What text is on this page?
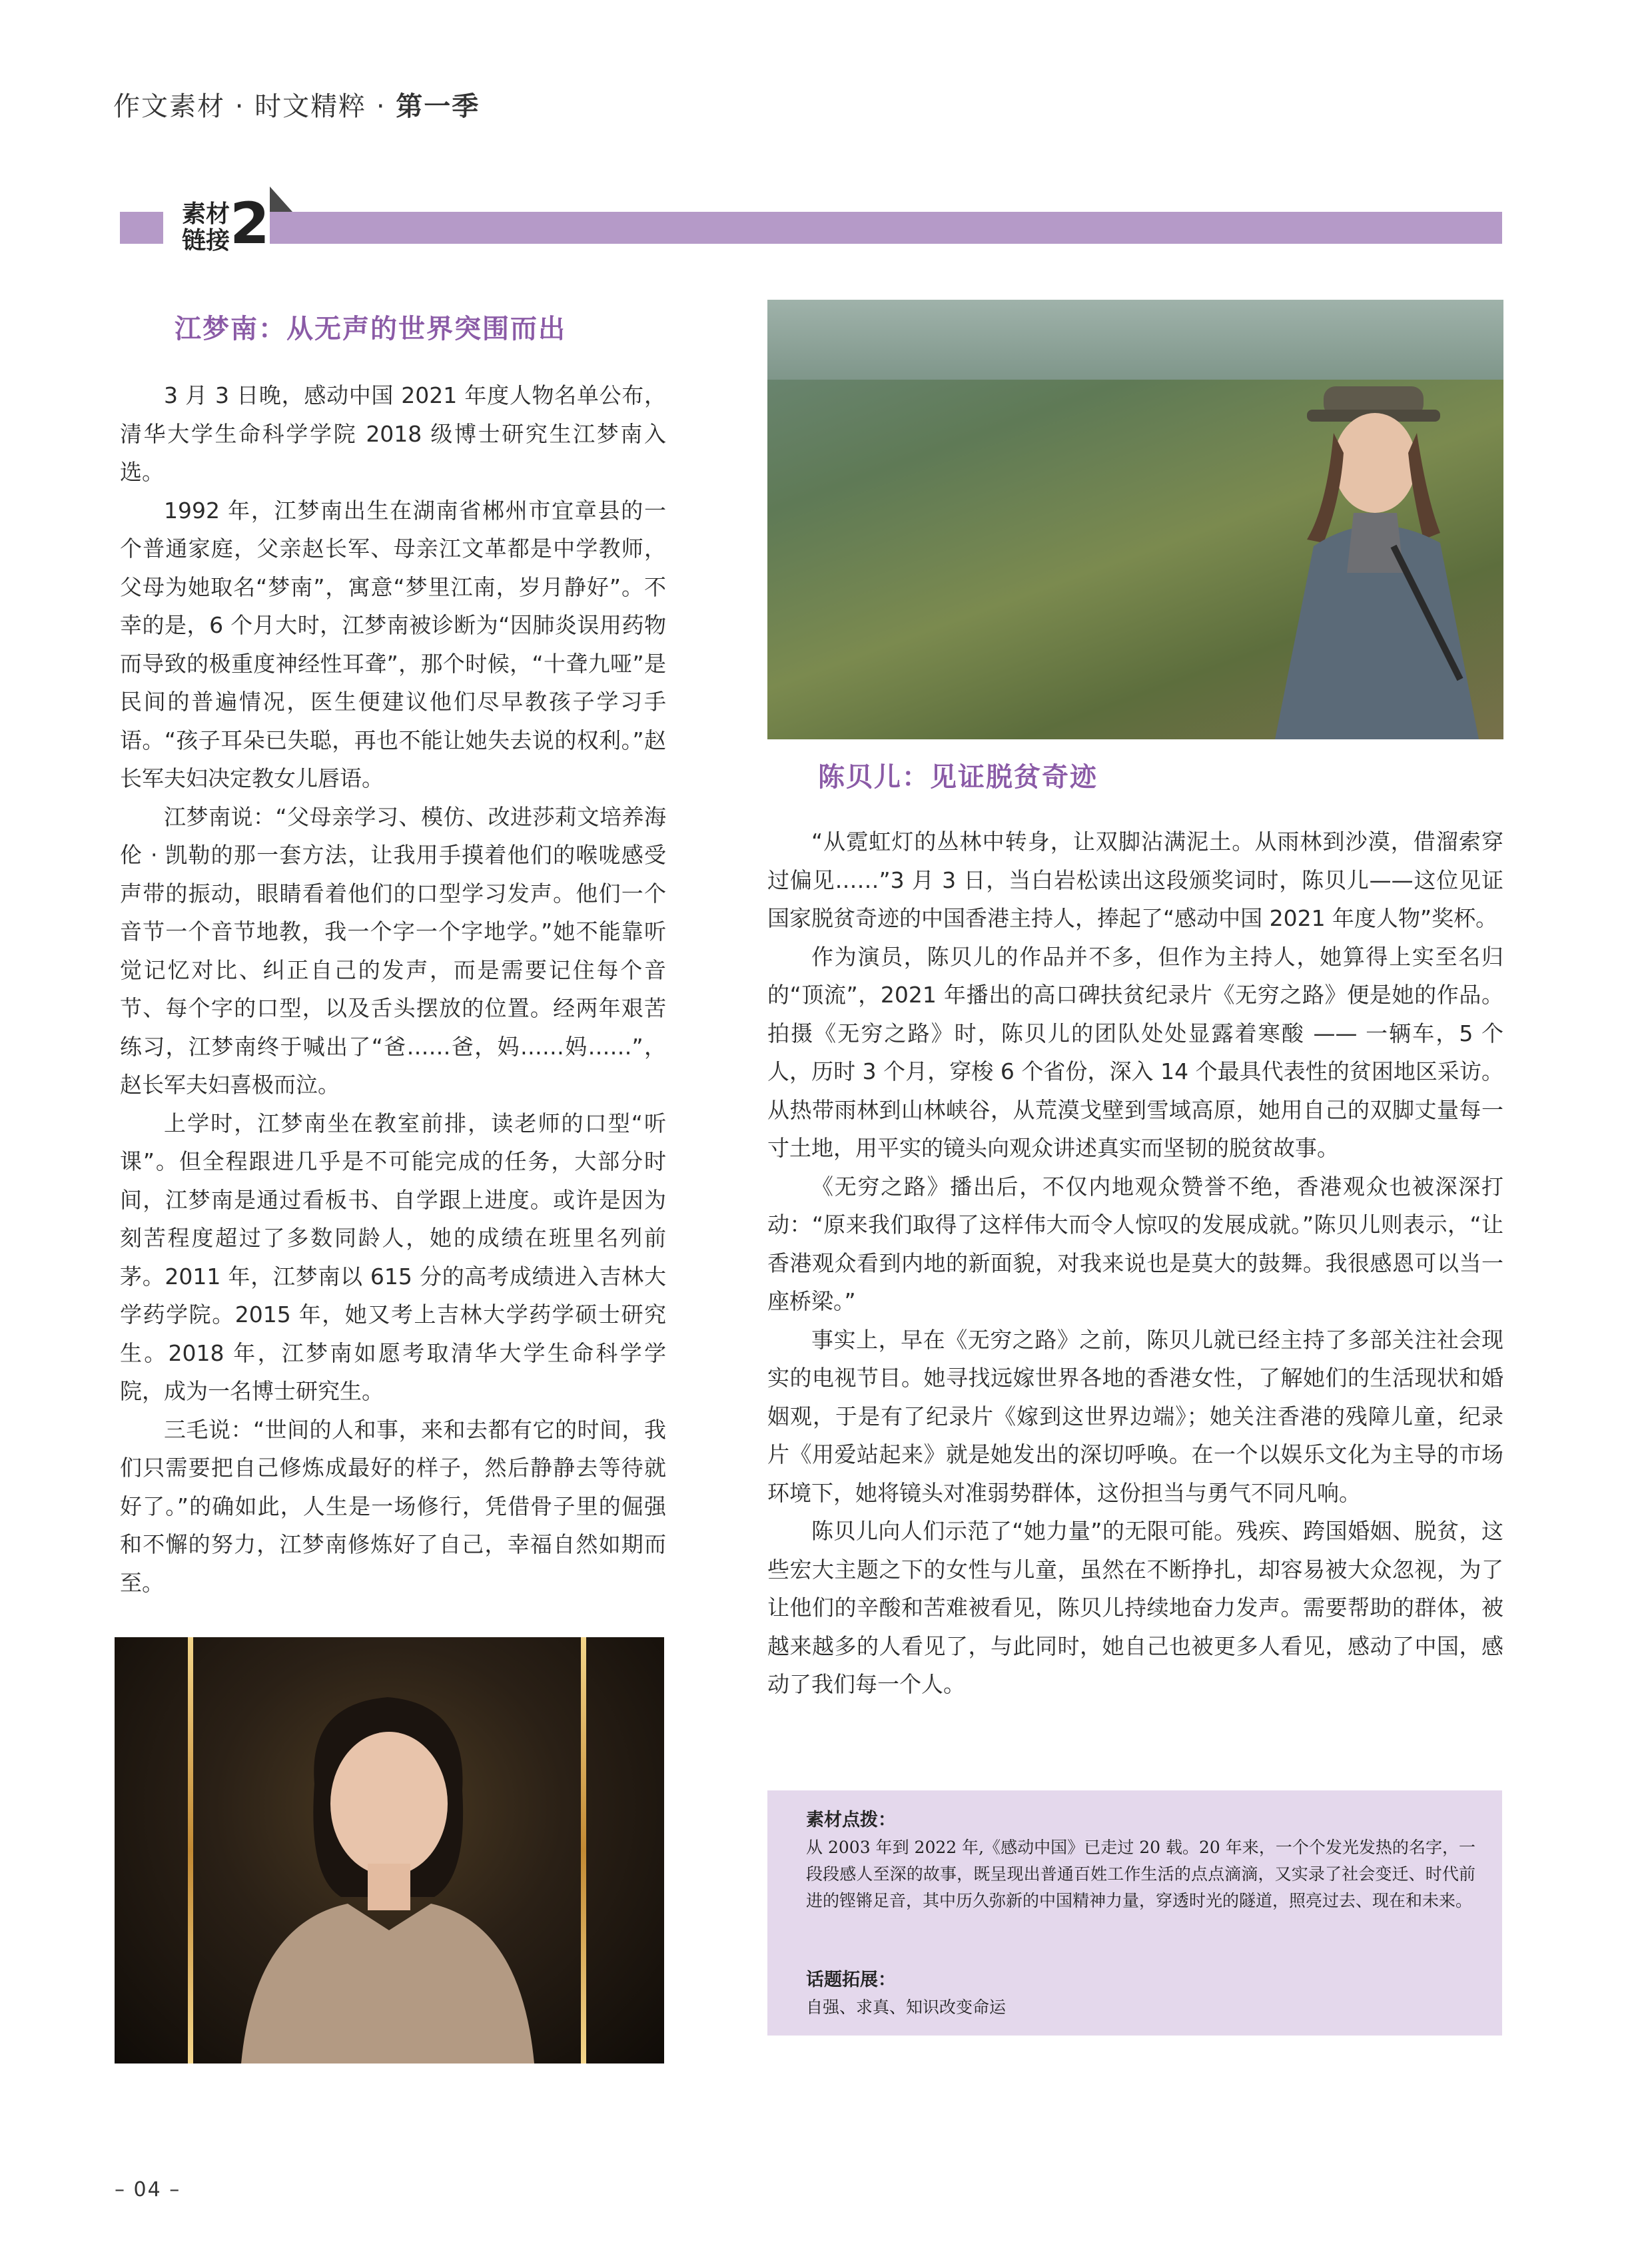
作文素材 · 时文精粹 · 第一季
素材
链接 2
江梦南：从无声的世界突围而出

3 月 3 日晚，感动中国 2021 年度人物名单公布，清华大学生命科学学院 2018 级博士研究生江梦南入选。

1992 年，江梦南出生在湖南省郴州市宜章县的一个普通家庭，父亲赵长军、母亲江文革都是中学教师，父母为她取名“梦南”，寓意“梦里江南，岁月静好”。不幸的是，6 个月大时，江梦南被诊断为“因肺炎误用药物而导致的极重度神经性耳聋”，那个时候，“十聋九哑”是民间的普遍情况，医生便建议他们尽早教孩子学习手语。“孩子耳朵已失聪，再也不能让她失去说的权利。”赵长军夫妇决定教女儿唇语。

江梦南说：“父母亲学习、模仿、改进莎莉文培养海伦 · 凯勒的那一套方法，让我用手摸着他们的喉咙感受声带的振动，眼睛看着他们的口型学习发声。他们一个音节一个音节地教，我一个字一个字地学。”她不能靠听觉记忆对比、纠正自己的发声，而是需要记住每个音节、每个字的口型，以及舌头摆放的位置。经两年艰苦练习，江梦南终于喊出了“爸……爸，妈……妈……”，赵长军夫妇喜极而泣。

上学时，江梦南坐在教室前排，读老师的口型“听课”。但全程跟进几乎是不可能完成的任务，大部分时间，江梦南是通过看板书、自学跟上进度。或许是因为刻苦程度超过了多数同龄人，她的成绩在班里名列前茅。2011 年，江梦南以 615 分的高考成绩进入吉林大学药学院。2015 年，她又考上吉林大学药学硕士研究生。2018 年，江梦南如愿考取清华大学生命科学学院，成为一名博士研究生。

三毛说：“世间的人和事，来和去都有它的时间，我们只需要把自己修炼成最好的样子，然后静静去等待就好了。”的确如此，人生是一场修行，凭借骨子里的倔强和不懈的努力，江梦南修炼好了自己，幸福自然如期而至。

陈贝儿：见证脱贫奇迹

“从霓虹灯的丛林中转身，让双脚沾满泥土。从雨林到沙漠，借溜索穿过偏见……”3 月 3 日，当白岩松读出这段颁奖词时，陈贝儿——这位见证国家脱贫奇迹的中国香港主持人，捧起了“感动中国 2021 年度人物”奖杯。

作为演员，陈贝儿的作品并不多，但作为主持人，她算得上实至名归的“顶流”，2021 年播出的高口碑扶贫纪录片《无穷之路》便是她的作品。拍摄《无穷之路》时，陈贝儿的团队处处显露着寒酸 —— 一辆车，5 个人，历时 3 个月，穿梭 6 个省份，深入 14 个最具代表性的贫困地区采访。从热带雨林到山林峡谷，从荒漠戈壁到雪域高原，她用自己的双脚丈量每一寸土地，用平实的镜头向观众讲述真实而坚韧的脱贫故事。

《无穷之路》播出后，不仅内地观众赞誉不绝，香港观众也被深深打动：“原来我们取得了这样伟大而令人惊叹的发展成就。”陈贝儿则表示，“让香港观众看到内地的新面貌，对我来说也是莫大的鼓舞。我很感恩可以当一座桥梁。”

事实上，早在《无穷之路》之前，陈贝儿就已经主持了多部关注社会现实的电视节目。她寻找远嫁世界各地的香港女性，了解她们的生活现状和婚姻观，于是有了纪录片《嫁到这世界边端》；她关注香港的残障儿童，纪录片《用爱站起来》就是她发出的深切呼唤。在一个以娱乐文化为主导的市场环境下，她将镜头对准弱势群体，这份担当与勇气不同凡响。

陈贝儿向人们示范了“她力量”的无限可能。残疾、跨国婚姻、脱贫，这些宏大主题之下的女性与儿童，虽然在不断挣扎，却容易被大众忽视，为了让他们的辛酸和苦难被看见，陈贝儿持续地奋力发声。需要帮助的群体，被越来越多的人看见了，与此同时，她自己也被更多人看见，感动了中国，感动了我们每一个人。

素材点拨：
从 2003 年到 2022 年,《感动中国》已走过 20 载。20 年来，一个个发光发热的名字，一段段感人至深的故事，既呈现出普通百姓工作生活的点点滴滴，又实录了社会变迁、时代前进的铿锵足音，其中历久弥新的中国精神力量，穿透时光的隧道，照亮过去、现在和未来。
话题拓展：
自强、求真、知识改变命运
– 04 –
